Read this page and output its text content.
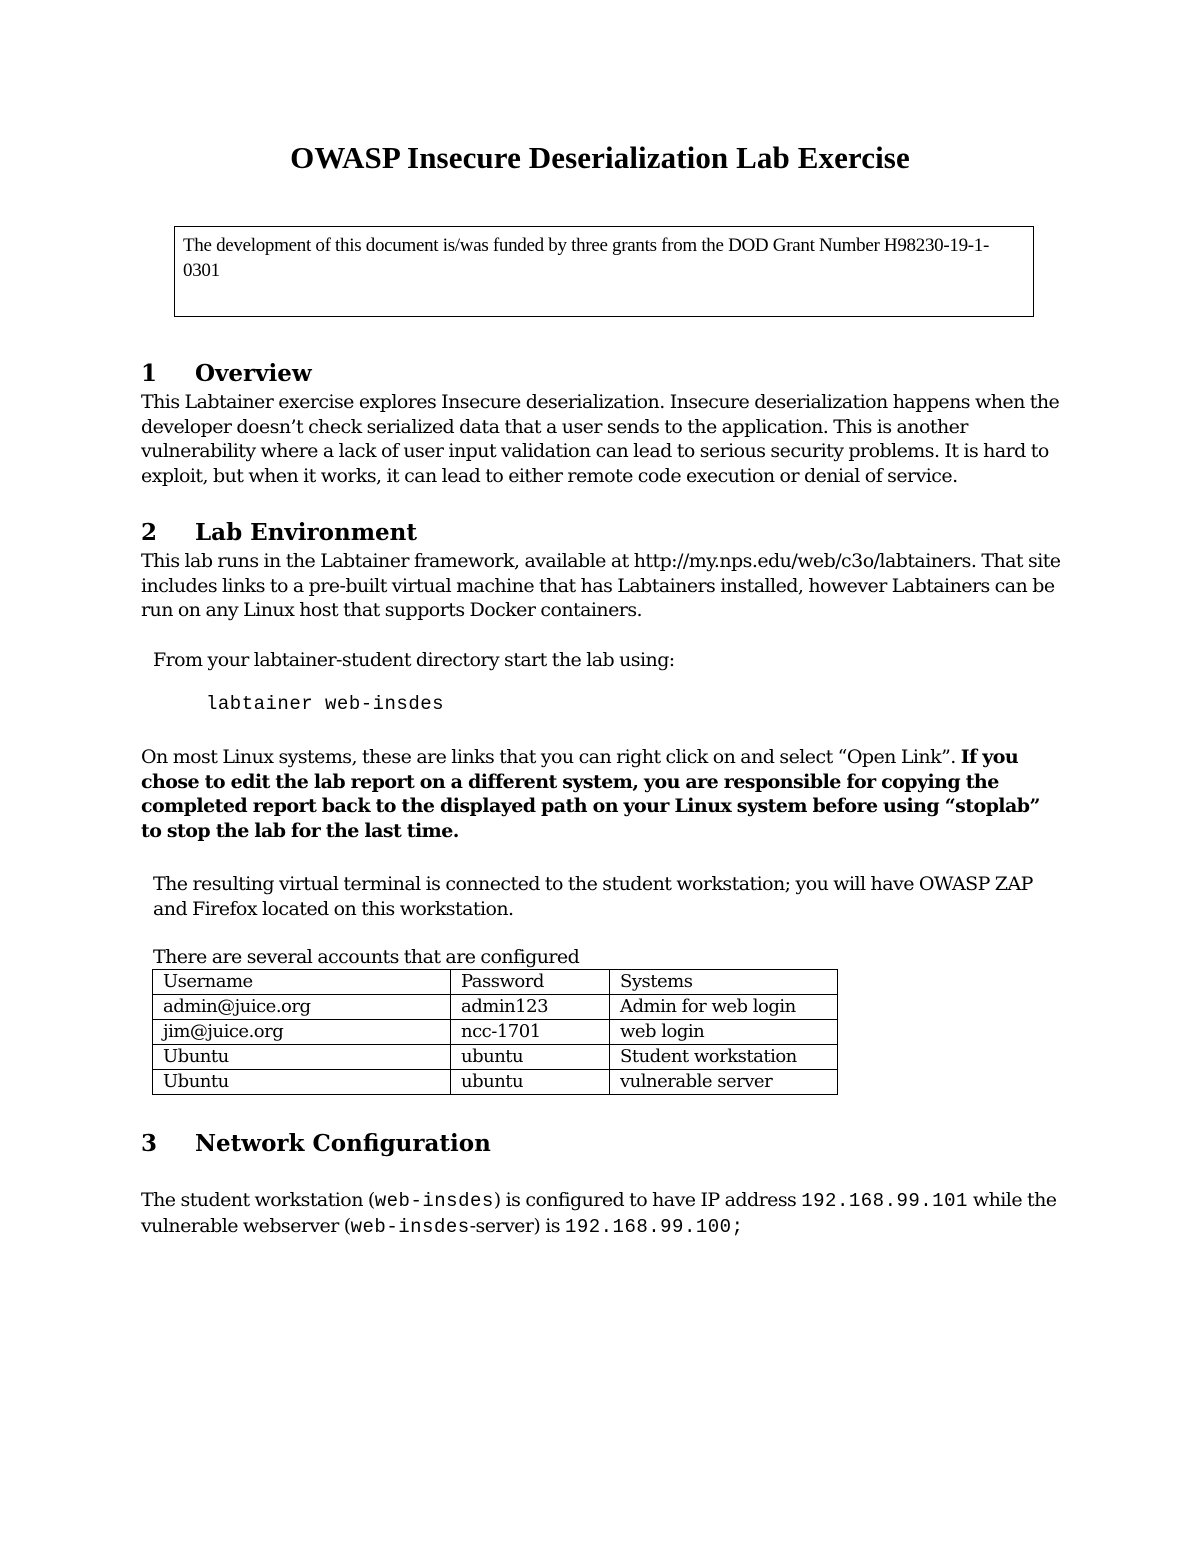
OWASP Insecure Deserialization Lab Exercise
The development of this document is/was funded by three grants from the DOD Grant Number H98230-19-1-0301
1 Overview
This Labtainer exercise explores Insecure deserialization. Insecure deserialization happens when the developer doesn’t check serialized data that a user sends to the application. This is another vulnerability where a lack of user input validation can lead to serious security problems. It is hard to exploit, but when it works, it can lead to either remote code execution or denial of service.
2 Lab Environment
This lab runs in the Labtainer framework, available at http://my.nps.edu/web/c3o/labtainers. That site includes links to a pre-built virtual machine that has Labtainers installed, however Labtainers can be run on any Linux host that supports Docker containers.
From your labtainer-student directory start the lab using:
labtainer web-insdes
On most Linux systems, these are links that you can right click on and select “Open Link”. If you chose to edit the lab report on a different system, you are responsible for copying the completed report back to the displayed path on your Linux system before using “stoplab” to stop the lab for the last time.
The resulting virtual terminal is connected to the student workstation; you will have OWASP ZAP and Firefox located on this workstation.
There are several accounts that are configured
Username	Password	Systems
admin@juice.org	admin123	Admin for web login
jim@juice.org	ncc-1701	web login
Ubuntu	ubuntu	Student workstation
Ubuntu	ubuntu	vulnerable server
3 Network Configuration
The student workstation (web-insdes) is configured to have IP address 192.168.99.101 while the vulnerable webserver (web-insdes-server) is 192.168.99.100;
